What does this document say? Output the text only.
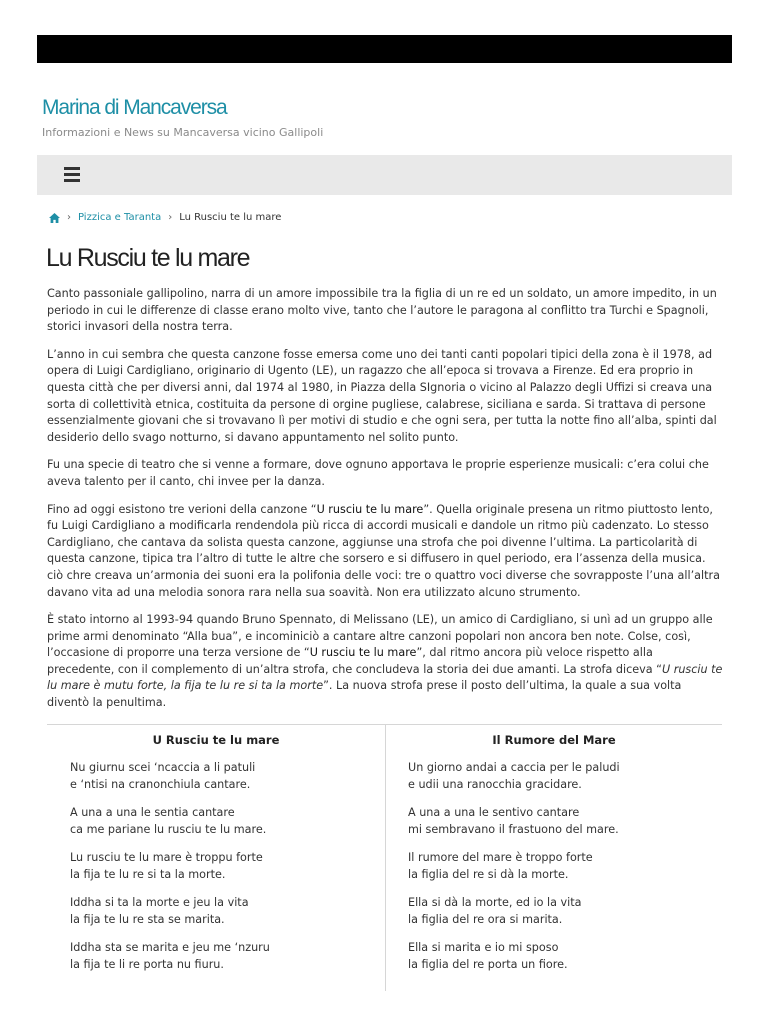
Marina di Mancaversa
Informazioni e News su Mancaversa vicino Gallipoli
› Pizzica e Taranta › Lu Rusciu te lu mare
Lu Rusciu te lu mare

Canto passoniale gallipolino, narra di un amore impossibile tra la figlia di un re ed un soldato, un amore impedito, in un periodo in cui le differenze di classe erano molto vive, tanto che l’autore le paragona al conflitto tra Turchi e Spagnoli, storici invasori della nostra terra.

L’anno in cui sembra che questa canzone fosse emersa come uno dei tanti canti popolari tipici della zona è il 1978, ad opera di Luigi Cardigliano, originario di Ugento (LE), un ragazzo che all’epoca si trovava a Firenze. Ed era proprio in questa città che per diversi anni, dal 1974 al 1980, in Piazza della SIgnoria o vicino al Palazzo degli Uffizi si creava una sorta di collettività etnica, costituita da persone di orgine pugliese, calabrese, siciliana e sarda. Si trattava di persone essenzialmente giovani che si trovavano lì per motivi di studio e che ogni sera, per tutta la notte fino all’alba, spinti dal desiderio dello svago notturno, si davano appuntamento nel solito punto.

Fu una specie di teatro che si venne a formare, dove ognuno apportava le proprie esperienze musicali: c’era colui che aveva talento per il canto, chi invee per la danza.

Fino ad oggi esistono tre verioni della canzone “U rusciu te lu mare”. Quella originale presena un ritmo piuttosto lento, fu Luigi Cardigliano a modificarla rendendola più ricca di accordi musicali e dandole un ritmo più cadenzato. Lo stesso Cardigliano, che cantava da solista questa canzone, aggiunse una strofa che poi divenne l’ultima. La particolarità di questa canzone, tipica tra l’altro di tutte le altre che sorsero e si diffusero in quel periodo, era l’assenza della musica. ciò chre creava un’armonia dei suoni era la polifonia delle voci: tre o quattro voci diverse che sovrapposte l’una all’altra davano vita ad una melodia sonora rara nella sua soavità. Non era utilizzato alcuno strumento.

È stato intorno al 1993-94 quando Bruno Spennato, di Melissano (LE), un amico di Cardigliano, si unì ad un gruppo alle prime armi denominato “Alla bua”, e incominiciò a cantare altre canzoni popolari non ancora ben note. Colse, così, l’occasione di proporre una terza versione de “U rusciu te lu mare”, dal ritmo ancora più veloce rispetto alla precedente, con il complemento di un’altra strofa, che concludeva la storia dei due amanti. La strofa diceva “U rusciu te lu mare è mutu forte, la fija te lu re si ta la morte”. La nuova strofa prese il posto dell’ultima, la quale a sua volta diventò la penultima.

U Rusciu te lu mare
Nu giurnu scei ‘ncaccia a li patuli
e ‘ntisi na cranonchiula cantare.
A una a una le sentia cantare
ca me pariane lu rusciu te lu mare.
Lu rusciu te lu mare è troppu forte
la fija te lu re si ta la morte.
Iddha si ta la morte e jeu la vita
la fija te lu re sta se marita.
Iddha sta se marita e jeu me ‘nzuru
la fija te li re porta nu fiuru.
Il Rumore del Mare
Un giorno andai a caccia per le paludi
e udii una ranocchia gracidare.
A una a una le sentivo cantare
mi sembravano il frastuono del mare.
Il rumore del mare è troppo forte
la figlia del re si dà la morte.
Ella si dà la morte, ed io la vita
la figlia del re ora si marita.
Ella si marita e io mi sposo
la figlia del re porta un fiore.
